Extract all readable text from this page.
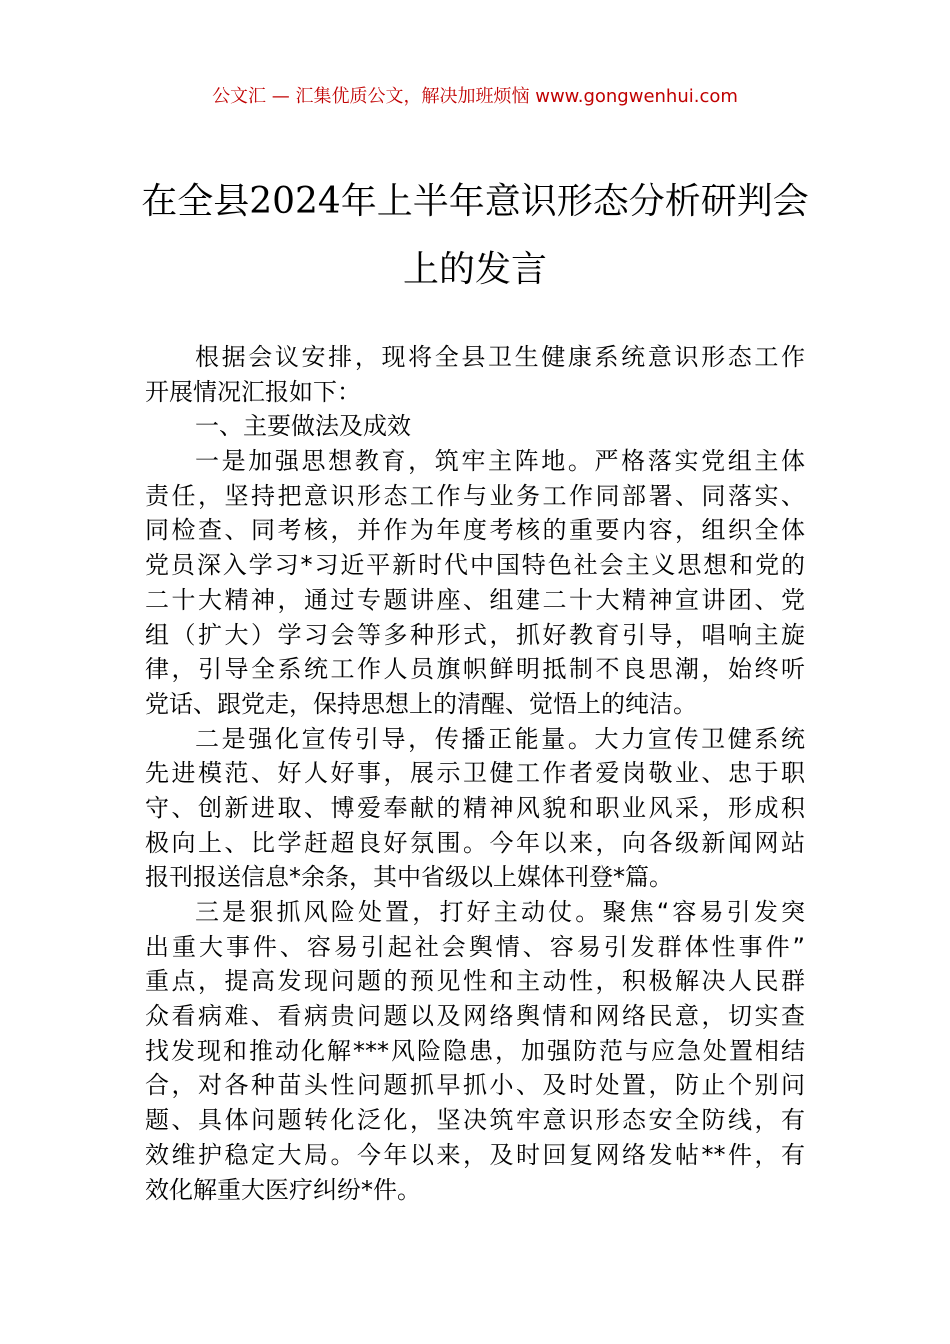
公文汇 — 汇集优质公文，解决加班烦恼 www.gongwenhui.com
在全县2024年上半年意识形态分析研判会
上的发言
根据会议安排，现将全县卫生健康系统意识形态工作
开展情况汇报如下：
一、主要做法及成效
一是加强思想教育，筑牢主阵地。严格落实党组主体
责任，坚持把意识形态工作与业务工作同部署、同落实、
同检查、同考核，并作为年度考核的重要内容，组织全体
党员深入学习*习近平新时代中国特色社会主义思想和党的
二十大精神，通过专题讲座、组建二十大精神宣讲团、党
组（扩大）学习会等多种形式，抓好教育引导，唱响主旋
律，引导全系统工作人员旗帜鲜明抵制不良思潮，始终听
党话、跟党走，保持思想上的清醒、觉悟上的纯洁。
二是强化宣传引导，传播正能量。大力宣传卫健系统
先进模范、好人好事，展示卫健工作者爱岗敬业、忠于职
守、创新进取、博爱奉献的精神风貌和职业风采，形成积
极向上、比学赶超良好氛围。今年以来，向各级新闻网站
报刊报送信息*余条，其中省级以上媒体刊登*篇。
三是狠抓风险处置，打好主动仗。聚焦“容易引发突
出重大事件、容易引起社会舆情、容易引发群体性事件”
重点，提高发现问题的预见性和主动性，积极解决人民群
众看病难、看病贵问题以及网络舆情和网络民意，切实查
找发现和推动化解***风险隐患，加强防范与应急处置相结
合，对各种苗头性问题抓早抓小、及时处置，防止个别问
题、具体问题转化泛化，坚决筑牢意识形态安全防线，有
效维护稳定大局。今年以来，及时回复网络发帖**件，有
效化解重大医疗纠纷*件。
